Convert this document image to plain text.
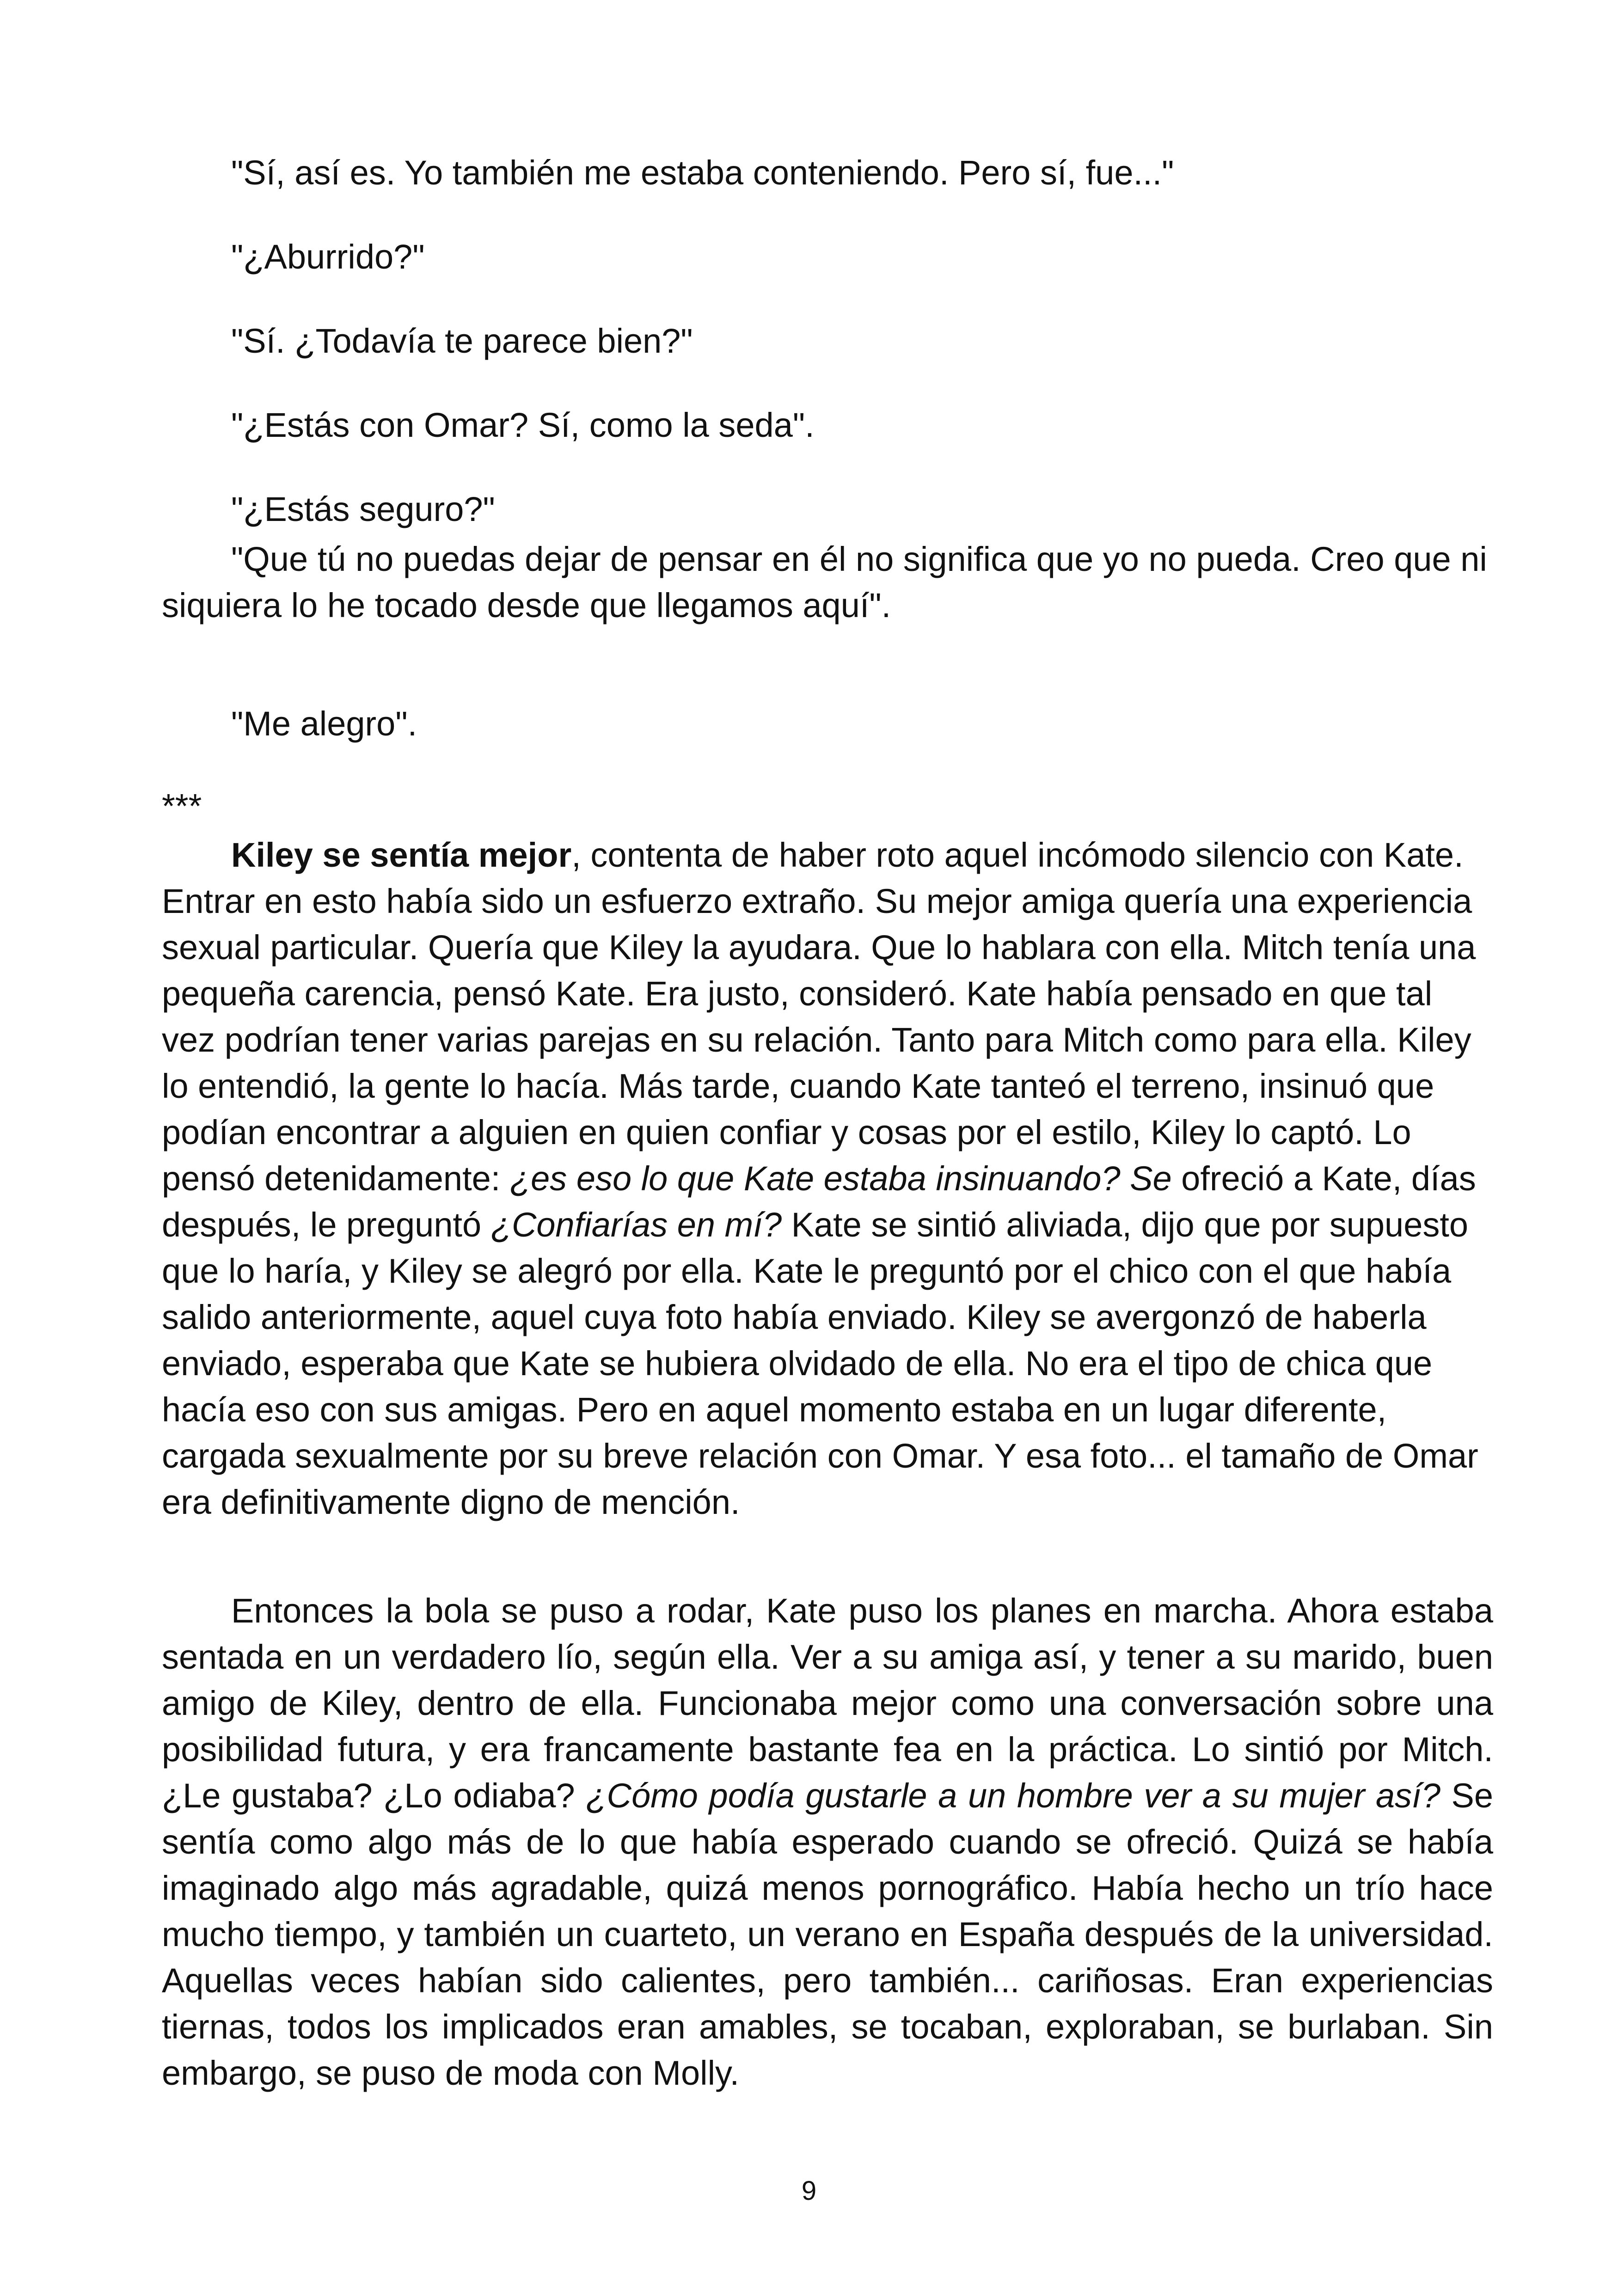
"Sí, así es. Yo también me estaba conteniendo. Pero sí, fue..."

"¿Aburrido?"

"Sí. ¿Todavía te parece bien?"

"¿Estás con Omar? Sí, como la seda".

"¿Estás seguro?"

"Que tú no puedas dejar de pensar en él no significa que yo no pueda. Creo que ni siquiera lo he tocado desde que llegamos aquí".

"Me alegro".

***

Kiley se sentía mejor, contenta de haber roto aquel incómodo silencio con Kate. Entrar en esto había sido un esfuerzo extraño. Su mejor amiga quería una experiencia sexual particular. Quería que Kiley la ayudara. Que lo hablara con ella. Mitch tenía una pequeña carencia, pensó Kate. Era justo, consideró. Kate había pensado en que tal vez podrían tener varias parejas en su relación. Tanto para Mitch como para ella. Kiley lo entendió, la gente lo hacía. Más tarde, cuando Kate tanteó el terreno, insinuó que podían encontrar a alguien en quien confiar y cosas por el estilo, Kiley lo captó. Lo pensó detenidamente: ¿es eso lo que Kate estaba insinuando? Se ofreció a Kate, días después, le preguntó ¿Confiarías en mí? Kate se sintió aliviada, dijo que por supuesto que lo haría, y Kiley se alegró por ella. Kate le preguntó por el chico con el que había salido anteriormente, aquel cuya foto había enviado. Kiley se avergonzó de haberla enviado, esperaba que Kate se hubiera olvidado de ella. No era el tipo de chica que hacía eso con sus amigas. Pero en aquel momento estaba en un lugar diferente, cargada sexualmente por su breve relación con Omar. Y esa foto... el tamaño de Omar era definitivamente digno de mención.

Entonces la bola se puso a rodar, Kate puso los planes en marcha. Ahora estaba sentada en un verdadero lío, según ella. Ver a su amiga así, y tener a su marido, buen amigo de Kiley, dentro de ella. Funcionaba mejor como una conversación sobre una posibilidad futura, y era francamente bastante fea en la práctica. Lo sintió por Mitch. ¿Le gustaba? ¿Lo odiaba? ¿Cómo podía gustarle a un hombre ver a su mujer así? Se sentía como algo más de lo que había esperado cuando se ofreció. Quizá se había imaginado algo más agradable, quizá menos pornográfico. Había hecho un trío hace mucho tiempo, y también un cuarteto, un verano en España después de la universidad. Aquellas veces habían sido calientes, pero también... cariñosas. Eran experiencias tiernas, todos los implicados eran amables, se tocaban, exploraban, se burlaban. Sin embargo, se puso de moda con Molly.

9
